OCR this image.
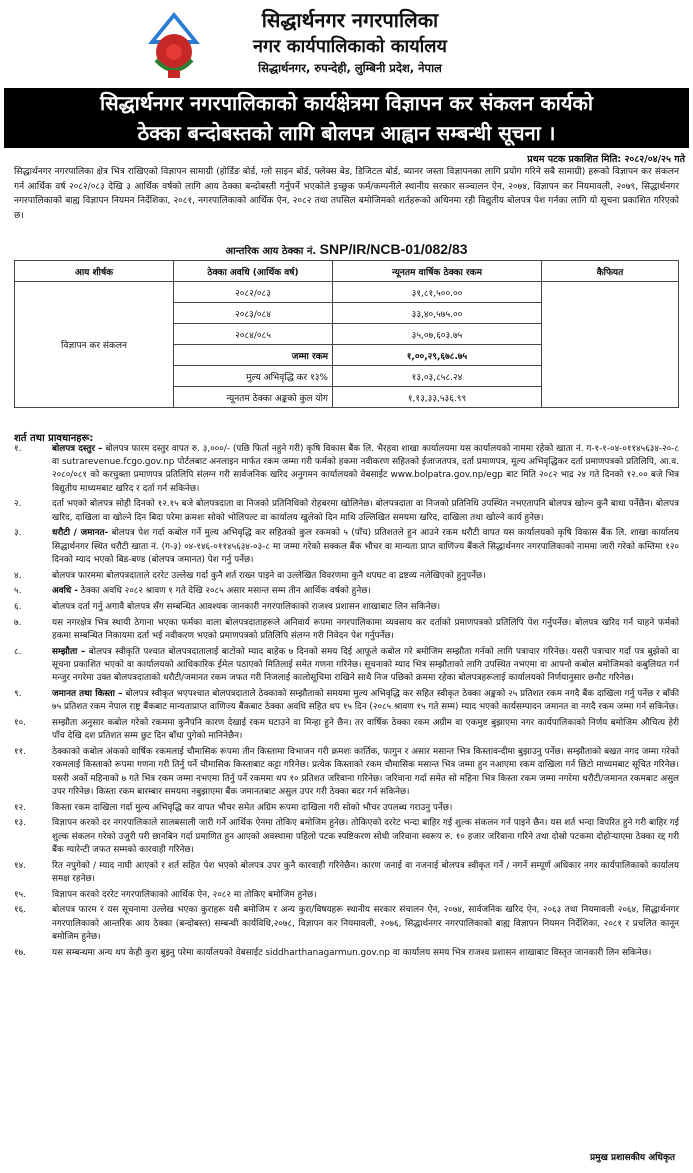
सिद्धार्थनगर नगरपालिका
नगर कार्यपालिकाको कार्यालय
सिद्धार्थनगर, रुपन्देही, लुम्बिनी प्रदेश, नेपाल
सिद्धार्थनगर नगरपालिकाको कार्यक्षेत्रमा विज्ञापन कर संकलन कार्यको
ठेक्का बन्दोबस्तको लागि बोलपत्र आह्वान सम्बन्धी सूचना ।
प्रथम पटक प्रकाशित मिति: २०८२/०४/२५ गते
सिद्धार्थनगर नगरपालिका क्षेत्र भित्र राखिएको विज्ञापन सामाग्री (होर्डिङ बोर्ड, ग्लो साइन बोर्ड, फ्लेक्स बेड, डिजिटल बोर्ड, ब्यानर जस्ता विज्ञापनका लागि प्रयोग गरिने सबै सामाग्री) हरूको विज्ञापन कर संकलन गर्न आर्थिक वर्ष २०८२/०८३ देखि ३ आर्थिक वर्षको लागि आय ठेक्का बन्दोबस्ती गर्नुपर्ने भएकोले इच्छुक फर्म/कम्पनीले स्थानीय सरकार सञ्चालन ऐन, २०७४, विज्ञापन कर नियमावली, २०७९, सिद्धार्थनगर नगरपालिकाको बाह्य विज्ञापन नियमन निर्देशिका, २०८१, नगरपालिकाको आर्थिक ऐन, २०८२ तथा तपसिल बमोजिमको शर्तहरूको अधिनमा रही विद्युतीय बोलपत्र पेश गर्नका लागि यो सूचना प्रकाशित गरिएको छ।
आन्तरिक आय ठेक्का नं. SNP/IR/NCB-01/082/83
आय शीर्षक	ठेक्का अवधि (आर्थिक वर्ष)	न्यूनतम वार्षिक ठेक्का रकम	कैफियत
विज्ञापन कर संकलन	२०८२/०८३	३१,८१,५००.००	
	२०८३/०८४	३३,४०,५७५.००	
	२०८४/०८५	३५,०७,६०३.७५	
	जम्मा रकम	१,००,२९,६७८.७५	
	मुल्य अभिवृद्धि कर १३%	१३,०३,८५८.२४	
	न्यूनतम ठेक्का अङ्कको कुल योग	१,१३,३३,५३६.९९	
शर्त तथा प्रावधानहरू:
१.	बोलपत्र दस्तुर – बोलपत्र फारम दस्तुर वापत रु. ३,०००/- (पछि फिर्ता नहुने गरी) कृषि विकास बैंक लि. भैरहवा शाखा कार्यालयमा यस कार्यालयको नाममा रहेको खाता नं. ग-१-१-०४-०११४५६३४-२०-८ वा sutrarevenue.fcgo.gov.np पोर्टलबाट अनलाइन मार्फत रकम जम्मा गरी फर्मको हकमा नवीकरण सहितको ईजाजतपत्र, दर्ता प्रमाणपत्र, मूल्य अभिवृद्धिकर दर्ता प्रमाणपत्रको प्रतिलिपि, आ.व. २०८०/०८१ को करचुक्ता प्रमाणपत्र प्रतिलिपि संलग्न गरी सार्वजनिक खरिद अनुगमन कार्यालयको वेबसाईट www.bolpatra.gov.np/egp बाट मिति २०८२ भाद्र २४ गते दिनको १२.०० बजे भित्र विद्युतीय माध्यमबाट खरिद र दर्ता गर्न सकिनेछ।
२.	दर्ता भएको बोलपत्र सोही दिनको १२.१५ बजे बोलपत्रदाता वा निजको प्रतिनिधिको रोहबरमा खोलिनेछ। बोलपत्रदाता वा निजको प्रतिनिधि उपस्थित नभएतापनि बोलपत्र खोल्न कुनै बाधा पर्नेछैन। बोलपत्र खरिद, दाखिला वा खोल्ने दिन बिदा परेमा क्रमशः सोको भोलिपल्ट वा कार्यालय खुलेको दिन माथि उल्लिखित समयमा खरिद, दाखिला तथा खोल्ने कार्य हुनेछ।
३.	धरौटी / जमानत- बोलपत्र पेश गर्दा कबोल गर्ने मुल्य अभिवृद्धि कर सहितको कुल रकमको ५ (पाँच) प्रतिशतले हुन आउने रकम धरौटी वापत यस कार्यालयको कृषि विकास बैंक लि. शाखा कार्यालय सिद्धार्थनगर स्थित धरौटी खाता नं. (ग-३) ०४-१४६-०११४५६३४-०३-८ मा जम्मा गरेको सक्कल बैंक भौचर वा मान्यता प्राप्त वाणिज्य बैंकले सिद्धार्थनगर नगरपालिकाको नाममा जारी गरेको कम्तिमा १२० दिनको म्याद भएको बिड-बण्ड (बोलपत्र जमानत) पेश गर्नु पर्नेछ।
४.	बोलपत्र फारममा बोलपत्रदाताले दररेट उल्लेख गर्दा कुनै शर्त राख्न पाइने वा उल्लेखित विवरणमा कुनै थपघट वा द्रष्टव्य नलेखिएको हुनुपर्नेछ।
५.	अवधि - ठेक्का अवधि २०८२ श्रावण १ गते देखि २०८५ असार मसान्त सम्म तीन आर्थिक वर्षको हुनेछ।
६.	बोलपत्र दर्ता गर्नु अगावै बोलपत्र सँग सम्बन्धित आवश्यक जानकारी नगरपालिकाको राजश्व प्रशासन शाखाबाट लिन सकिनेछ।
७.	यस नगरक्षेत्र भित्र स्थायी ठेगाना भएका फर्मका वाला बोलपत्रदाताहरूले अनिवार्य रूपमा नगरपालिकामा व्यवसाय कर दर्ताको प्रमाणपत्रको प्रतिलिपि पेश गर्नुपर्नेछ। बोलपत्र खरिद गर्न चाहने फर्मको हकमा सम्बन्धित निकायमा दर्ता भई नवीकरण भएको प्रमाणपत्रको प्रतिलिपि संलग्न गरी निवेदन पेश गर्नुपर्नेछ।
८.	सम्झौता – बोलपत्र स्वीकृति पश्चात बोलपत्रदातालाई बाटोको म्याद बाहेक ७ दिनको समय दिई आफूले कबोल गरे बमोजिम सम्झौता गर्नको लागि पत्राचार गरिनेछ। यसरी पत्राचार गर्दा पत्र बुझेको वा सूचना प्रकाशित भएको वा कार्यालयको आधिकारिक ईमेल पठाएको मितिलाई समेत गणना गरिनेछ। सूचनाको म्याद भित्र सम्झौताको लागि उपस्थित नभएमा वा आफ्नो कबोल बमोजिमको कबुलियत गर्न मन्जुर नगरेमा उक्त बोलपत्रदाताको धरौटी/जमानत रकम जफत गरी निजलाई कालोसूचिमा राखिने साथै निज पछिको क्रममा रहेका बोलपत्रहरूलाई कार्यालयको निर्णयानुसार छनौट गरिनेछ।
९.	जमानत तथा किस्ता – बोलपत्र स्वीकृत भएपश्चात बोलपत्रदाताले ठेक्काको सम्झौताको समयमा मुल्य अभिवृद्धि कर सहित स्वीकृत ठेक्का अङ्कको २५ प्रतिशत रकम नगदै बैंक दाखिला गर्नु पर्नेछ र बाँकी ७५ प्रतिशत रकम नेपाल राष्ट्र बैंकबाट मान्यताप्राप्त वाणिज्य बैंकबाट ठेक्का अवधि सहित थप १५ दिन (२०८५ श्रावण १५ गते सम्म) म्याद भएको कार्यसम्पादन जमानत वा नगदै रकम जम्मा गर्न सकिनेछ।
१०.	सम्झौता अनुसार कबोल गरेको रकममा कुनैपनि कारण देखाई रकम घटाउने वा मिन्हा हुने छैन। तर वार्षिक ठेक्का रकम अग्रीम वा एकमुष्ट बुझाएमा नगर कार्यपालिकाको निर्णय बमोजिम औचित्य हेरी पाँच देखि दश प्रतिशत सम्म छुट दिन बाँधा पुगेको मानिनेछैन।
११.	ठेक्काको कबोल अंकको वार्षिक रकमलाई चौमासिक रूपमा तीन किस्तामा विभाजन गरी क्रमशः कार्तिक, फागुन र असार मसान्त भित्र किस्तावन्दीमा बुझाउनु पर्नेछ। सम्झौताको बखत नगद जम्मा गरेको रकमलाई किस्ताको रूपमा गणना गरी तिर्नु पर्ने चौमासिक किस्ताबाट कट्टा गरिनेछ। प्रत्येक किस्ताको रकम चौमासिक मसान्त भित्र जम्मा हुन नआएमा रकम दाखिला गर्न छिटो माध्यमबाट सूचित गरिनेछ। यसरी अर्को महिनाको ७ गते भित्र रकम जम्मा नभएमा तिर्नु पर्ने रकममा थप १० प्रतिशत जरिवाना गरिनेछ। जरिवाना गर्दा समेत सो महिना भित्र किस्ता रकम जम्मा नगरेमा धरौटी/जमानत रकमबाट असुल उपर गरिनेछ। किस्ता रकम बारम्बार समयमा नबुझाएमा बैंक जमानतबाट असुल उपर गरी ठेक्का बदर गर्न सकिनेछ।
१२.	किस्ता रकम दाखिला गर्दा मुल्य अभिवृद्धि कर वापत भौचर समेत अग्रिम रूपमा दाखिला गरी सोको भौचर उपलब्ध गराउनु पर्नेछ।
१३.	विज्ञापन करको दर नगरपालिकाले सालबसाली जारी गर्ने आर्थिक ऐनमा तोकिए बमोजिम हुनेछ। तोकिएको दररेट भन्दा बाहिर गई शुल्क संकलन गर्न पाइने छैन। यस शर्त भन्दा विपरित हुने गरी बाहिर गई शुल्क संकलन गरेको उजुरी परी छानबिन गर्दा प्रमाणित हुन आएको अवस्थामा पहिलो पटक स्पष्टिकरण सोधी जरिवाना स्वरूप रु. १० हजार जरिवाना गरिने तथा दोस्रो पटकमा दोहोर्‍याएमा ठेक्का रद्द गरी बैंक ग्यारेन्टी जफत सम्मको कारवाही गरिनेछ।
१४.	रित नपुगेको / म्याद नाघी आएको र शर्त सहित पेश भएको बोलपत्र उपर कुनै कारवाही गरिनेछैन। कारण जनाई वा नजनाई बोलपत्र स्वीकृत गर्ने / नगर्ने सम्पूर्ण अधिकार नगर कार्यपालिकाको कार्यालय समक्ष रहनेछ।
१५.	विज्ञापन करको दररेट नगरपालिकाको आर्थिक ऐन, २०८२ मा तोकिए बमोजिम हुनेछ।
१६.	बोलपत्र फारम र यस सूचनामा उल्लेख भएका कुराहरू यसै बमोजिम र अन्य कुरा/विषयहरू स्थानीय सरकार संचालन ऐन, २०७४, सार्वजनिक खरिद ऐन, २०६३ तथा नियमावली २०६४, सिद्धार्थनगर नगरपालिकाको आन्तरिक आय ठेक्का (बन्दोबस्त) सम्बन्धी कार्यविधि,२०७८, विज्ञापन कर नियमावली, २०७६, सिद्धार्थनगर नगरपालिकाको बाह्य विज्ञापन नियमन निर्देशिका, २०८१ र प्रचलित कानून बमोजिम हुनेछ।
१७.	यस सम्बन्धमा अन्य थप केही कुरा बुझ्नु परेमा कार्यालयको वेबसाईट siddharthanagarmun.gov.np वा कार्यालय समय भित्र राजश्व प्रशासन शाखाबाट विस्तृत जानकारी लिन सकिनेछ।
प्रमुख प्रशासकीय अधिकृत
